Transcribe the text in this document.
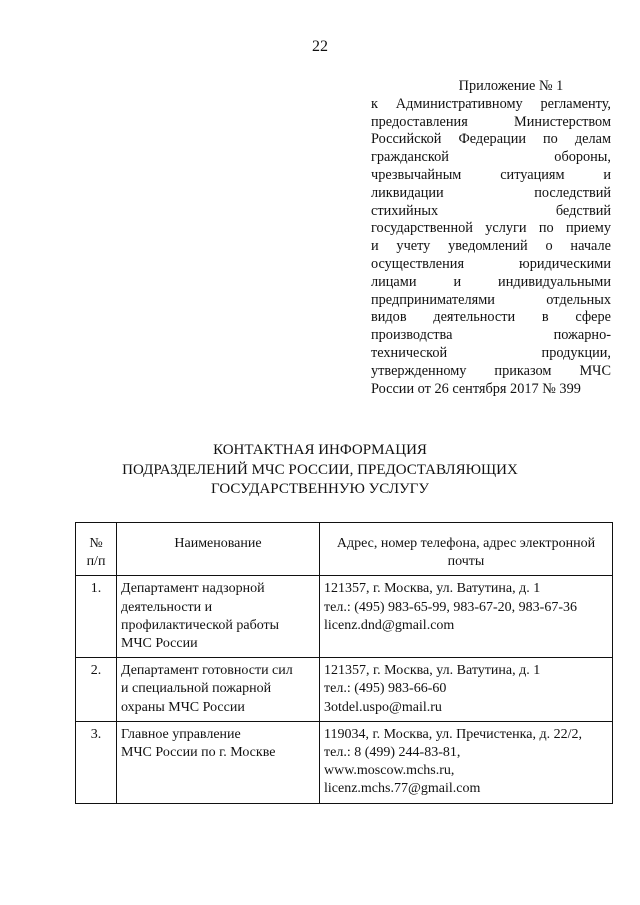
22
Приложение № 1
к Административному регламенту,
предоставления Министерством
Российской Федерации по делам
гражданской обороны,
чрезвычайным ситуациям и
ликвидации последствий
стихийных бедствий
государственной услуги по приему
и учету уведомлений о начале
осуществления юридическими
лицами и индивидуальными
предпринимателями отдельных
видов деятельности в сфере
производства пожарно-
технической продукции,
утвержденному приказом МЧС
России от 26 сентября 2017 № 399
КОНТАКТНАЯ ИНФОРМАЦИЯ
ПОДРАЗДЕЛЕНИЙ МЧС РОССИИ, ПРЕДОСТАВЛЯЮЩИХ
ГОСУДАРСТВЕННУЮ УСЛУГУ
№
п/п	Наименование	Адрес, номер телефона, адрес электронной
почты

1.	Департамент надзорной
деятельности и
профилактической работы
МЧС России	121357, г. Москва, ул. Ватутина, д. 1
тел.: (495) 983-65-99, 983-67-20, 983-67-36
licenz.dnd@gmail.com

2.	Департамент готовности сил
и специальной пожарной
охраны МЧС России	121357, г. Москва, ул. Ватутина, д. 1
тел.: (495) 983-66-60
3otdel.uspo@mail.ru

3.	Главное управление
МЧС России по г. Москве	119034, г. Москва, ул. Пречистенка, д. 22/2,
тел.: 8 (499) 244-83-81,
www.moscow.mchs.ru,
licenz.mchs.77@gmail.com
